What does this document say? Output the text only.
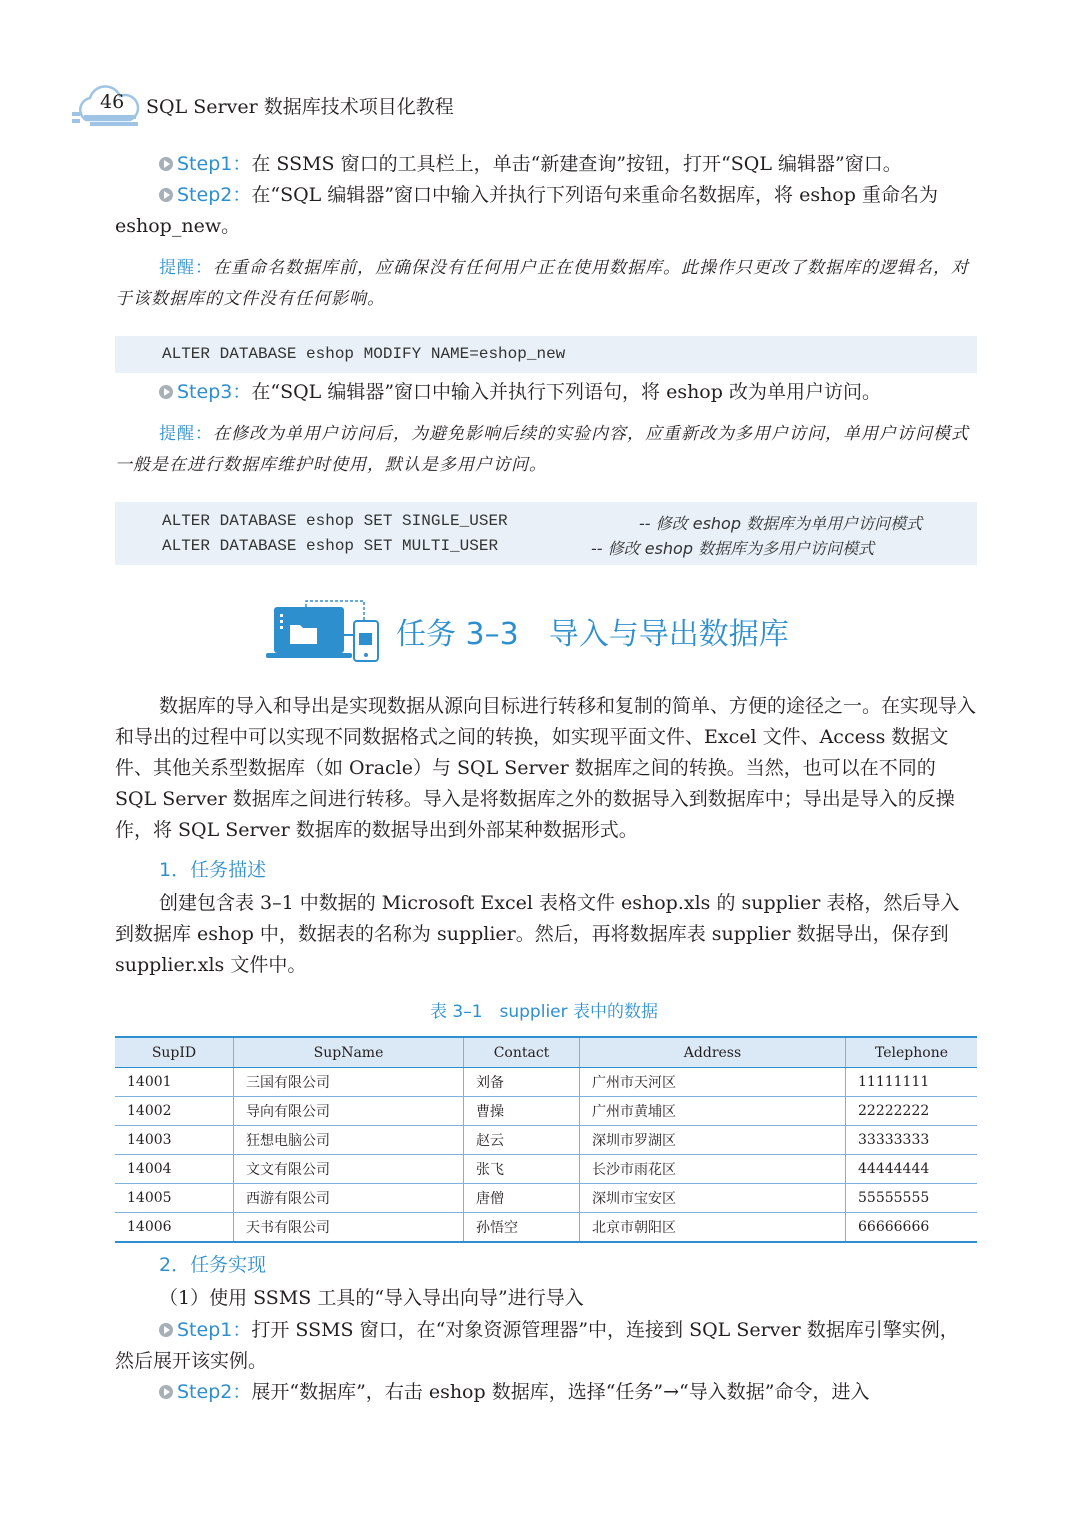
46 SQL Server 数据库技术项目化教程
Step1：在 SSMS 窗口的工具栏上，单击“新建查询”按钮，打开“SQL 编辑器”窗口。
Step2：在“SQL 编辑器”窗口中输入并执行下列语句来重命名数据库，将 eshop 重命名为 eshop_new。
提醒：在重命名数据库前，应确保没有任何用户正在使用数据库。此操作只更改了数据库的逻辑名，对于该数据库的文件没有任何影响。
ALTER DATABASE eshop MODIFY NAME=eshop_new
Step3：在“SQL 编辑器”窗口中输入并执行下列语句，将 eshop 改为单用户访问。
提醒：在修改为单用户访问后，为避免影响后续的实验内容，应重新改为多用户访问，单用户访问模式一般是在进行数据库维护时使用，默认是多用户访问。
ALTER DATABASE eshop SET SINGLE_USER	-- 修改 eshop 数据库为单用户访问模式
ALTER DATABASE eshop SET MULTI_USER	-- 修改 eshop 数据库为多用户访问模式
任务 3–3　导入与导出数据库
数据库的导入和导出是实现数据从源向目标进行转移和复制的简单、方便的途径之一。在实现导入和导出的过程中可以实现不同数据格式之间的转换，如实现平面文件、Excel 文件、Access 数据文件、其他关系型数据库（如 Oracle）与 SQL Server 数据库之间的转换。当然，也可以在不同的 SQL Server 数据库之间进行转移。导入是将数据库之外的数据导入到数据库中；导出是导入的反操作，将 SQL Server 数据库的数据导出到外部某种数据形式。
1．任务描述
创建包含表 3–1 中数据的 Microsoft Excel 表格文件 eshop.xls 的 supplier 表格，然后导入到数据库 eshop 中，数据表的名称为 supplier。然后，再将数据库表 supplier 数据导出，保存到 supplier.xls 文件中。
表 3–1　supplier 表中的数据
SupID	SupName	Contact	Address	Telephone
14001	三国有限公司	刘备	广州市天河区	11111111
14002	导向有限公司	曹操	广州市黄埔区	22222222
14003	狂想电脑公司	赵云	深圳市罗湖区	33333333
14004	文文有限公司	张飞	长沙市雨花区	44444444
14005	西游有限公司	唐僧	深圳市宝安区	55555555
14006	天书有限公司	孙悟空	北京市朝阳区	66666666
2．任务实现
（1）使用 SSMS 工具的“导入导出向导”进行导入
Step1：打开 SSMS 窗口，在“对象资源管理器”中，连接到 SQL Server 数据库引擎实例，然后展开该实例。
Step2：展开“数据库”，右击 eshop 数据库，选择“任务”→“导入数据”命令，进入
